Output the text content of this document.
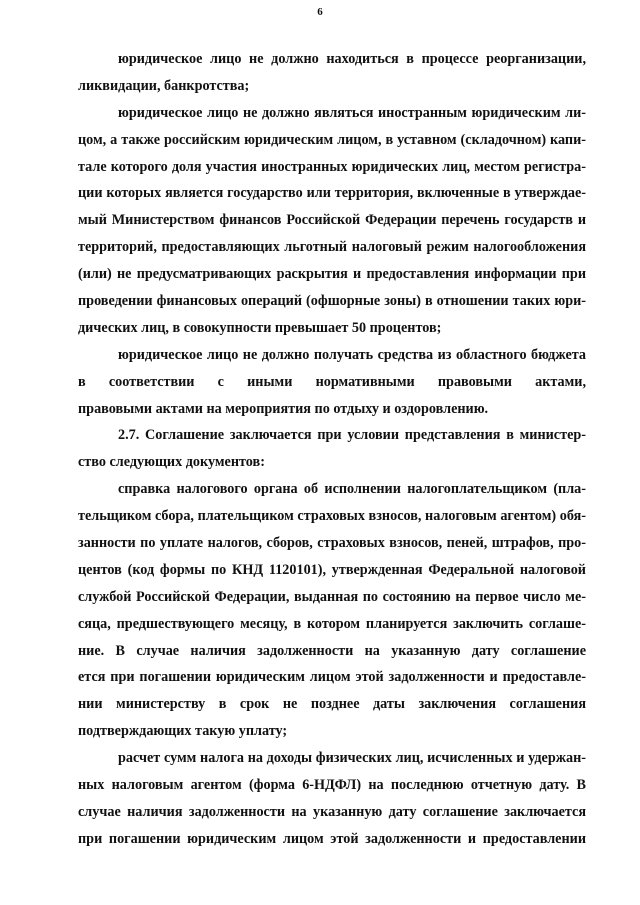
6
юридическое лицо не должно находиться в процессе реорганизации,
ликвидации, банкротства;
юридическое лицо не должно являться иностранным юридическим ли-
цом, а также российским юридическим лицом, в уставном (складочном) капи-
тале которого доля участия иностранных юридических лиц, местом регистра-
ции которых является государство или территория, включенные в утверждае-
мый Министерством финансов Российской Федерации перечень государств и
территорий, предоставляющих льготный налоговый режим налогообложения
(или) не предусматривающих раскрытия и предоставления информации при
проведении финансовых операций (офшорные зоны) в отношении таких юри-
дических лиц, в совокупности превышает 50 процентов;
юридическое лицо не должно получать средства из областного бюджета
в соответствии с иными нормативными правовыми актами,
правовыми актами на мероприятия по отдыху и оздоровлению.
2.7. Соглашение заключается при условии представления в министер-
ство следующих документов:
справка налогового органа об исполнении налогоплательщиком (пла-
тельщиком сбора, плательщиком страховых взносов, налоговым агентом) обя-
занности по уплате налогов, сборов, страховых взносов, пеней, штрафов, про-
центов (код формы по КНД 1120101), утвержденная Федеральной налоговой
службой Российской Федерации, выданная по состоянию на первое число ме-
сяца, предшествующего месяцу, в котором планируется заключить соглаше-
ние. В случае наличия задолженности на указанную дату соглашение
ется при погашении юридическим лицом этой задолженности и предоставле-
нии министерству в срок не позднее даты заключения соглашения
подтверждающих такую уплату;
расчет сумм налога на доходы физических лиц, исчисленных и удержан-
ных налоговым агентом (форма 6-НДФЛ) на последнюю отчетную дату. В
случае наличия задолженности на указанную дату соглашение заключается
при погашении юридическим лицом этой задолженности и предоставлении
